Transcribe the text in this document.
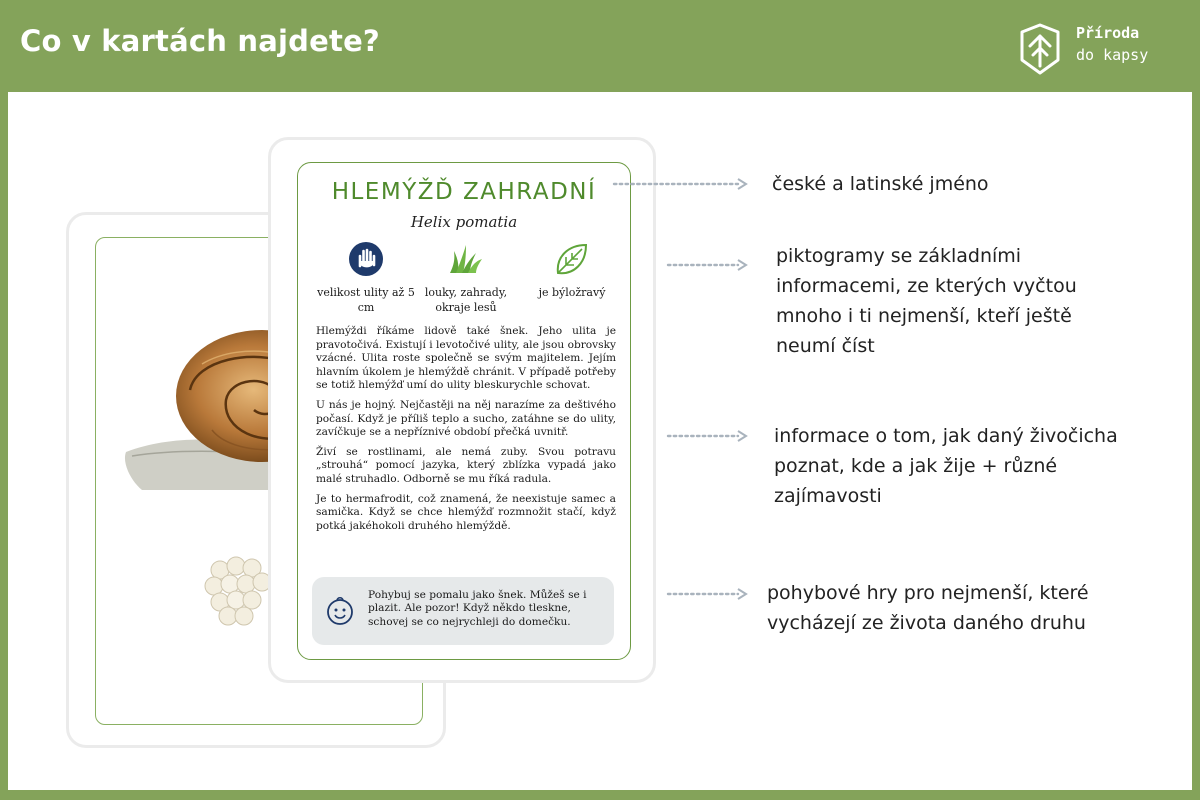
Co v kartách najdete?	Příroda
do kapsy
HLEMÝŽĎ ZAHRADNÍ
Helix pomatia
velikost ulity až 5 cm
louky, zahrady, okraje lesů
je býložravý

Hlemýždi říkáme lidově také šnek. Jeho ulita je pravotočivá. Existují i levotočivé ulity, ale jsou obrovsky vzácné. Ulita roste společně se svým majitelem. Jejím hlavním úkolem je hlemýždě chránit. V případě potřeby se totiž hlemýžď umí do ulity bleskurychle schovat.

U nás je hojný. Nejčastěji na něj narazíme za deštivého počasí. Když je příliš teplo a sucho, zatáhne se do ulity, zavíčkuje se a nepříznivé období přečká uvnitř.

Živí se rostlinami, ale nemá zuby. Svou potravu „strouhá“ pomocí jazyka, který zblízka vypadá jako malé struhadlo. Odborně se mu říká radula.

Je to hermafrodit, což znamená, že neexistuje samec a samička. Když se chce hlemýžď rozmnožit stačí, když potká jakéhokoli druhého hlemýždě.

Pohybuj se pomalu jako šnek. Můžeš se i plazit. Ale pozor! Když někdo tleskne, schovej se co nejrychleji do domečku.
české a latinské jméno
piktogramy se základními informacemi, ze kterých vyčtou mnoho i ti nejmenší, kteří ještě neumí číst
informace o tom, jak daný živočicha poznat, kde a jak žije + různé zajímavosti
pohybové hry pro nejmenší, které vycházejí ze života daného druhu
